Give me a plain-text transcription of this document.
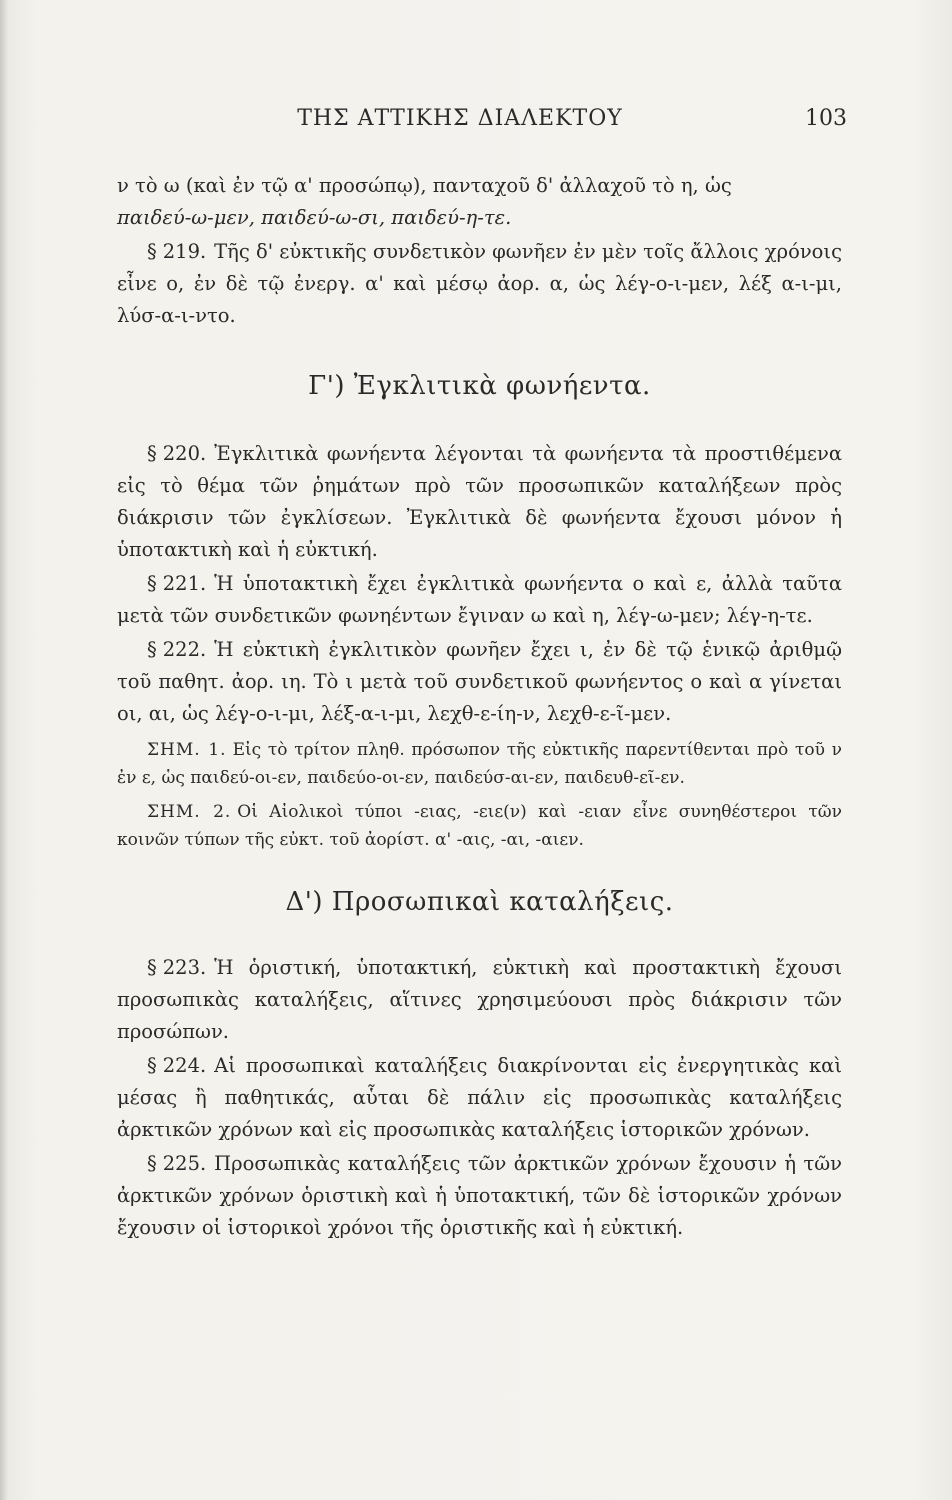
ΤΗΣ ΑΤΤΙΚΗΣ ΔΙΑΛΕΚΤΟΥ	103

ν τὸ ω (καὶ ἐν τῷ α' προσώπῳ), πανταχοῦ δ' ἀλλαχοῦ τὸ η, ὡς
παιδεύ-ω-μεν, παιδεύ-ω-σι, παιδεύ-η-τε.

§ 219. Τῆς δ' εὐκτικῆς συνδετικὸν φωνῆεν ἐν μὲν τοῖς ἄλλοις χρόνοις εἶνε ο, ἐν δὲ τῷ ἐνεργ. α' καὶ μέσῳ ἀορ. α, ὡς λέγ-ο-ι-μεν, λέξ α-ι-μι, λύσ-α-ι-ντο.

Γ') Ἐγκλιτικὰ φωνήεντα.

§ 220. Ἐγκλιτικὰ φωνήεντα λέγονται τὰ φωνήεντα τὰ προστιθέμενα εἰς τὸ θέμα τῶν ῥημάτων πρὸ τῶν προσωπικῶν καταλήξεων πρὸς διάκρισιν τῶν ἐγκλίσεων. Ἐγκλιτικὰ δὲ φωνήεντα ἔχουσι μόνον ἡ ὑποτακτικὴ καὶ ἡ εὐκτική.

§ 221. Ἡ ὑποτακτικὴ ἔχει ἐγκλιτικὰ φωνήεντα ο καὶ ε, ἀλλὰ ταῦτα μετὰ τῶν συνδετικῶν φωνηέντων ἔγιναν ω καὶ η, λέγ-ω-μεν; λέγ-η-τε.

§ 222. Ἡ εὐκτικὴ ἐγκλιτικὸν φωνῆεν ἔχει ι, ἐν δὲ τῷ ἑνικῷ ἀριθμῷ τοῦ παθητ. ἀορ. ιη. Τὸ ι μετὰ τοῦ συνδετικοῦ φωνήεντος ο καὶ α γίνεται οι, αι, ὡς λέγ-ο-ι-μι, λέξ-α-ι-μι, λεχθ-ε-ίη-ν, λεχθ-ε-ῖ-μεν.

ΣΗΜ. 1. Εἰς τὸ τρίτον πληθ. πρόσωπον τῆς εὐκτικῆς παρεντίθενται πρὸ τοῦ ν ἐν ε, ὡς παιδεύ-οι-εν, παιδεύο-οι-εν, παιδεύσ-αι-εν, παιδευθ-εῖ-εν.

ΣΗΜ. 2. Οἱ Αἰολικοὶ τύποι -ειας, -ειε(ν) καὶ -ειαν εἶνε συνηθέστεροι τῶν κοινῶν τύπων τῆς εὐκτ. τοῦ ἀορίστ. α' -αις, -αι, -αιεν.

Δ') Προσωπικαὶ καταλήξεις.

§ 223. Ἡ ὁριστική, ὑποτακτική, εὐκτικὴ καὶ προστακτικὴ ἔχουσι προσωπικὰς καταλήξεις, αἵτινες χρησιμεύουσι πρὸς διάκρισιν τῶν προσώπων.

§ 224. Αἱ προσωπικαὶ καταλήξεις διακρίνονται εἰς ἐνεργητικὰς καὶ μέσας ἢ παθητικάς, αὗται δὲ πάλιν εἰς προσωπικὰς καταλήξεις ἀρκτικῶν χρόνων καὶ εἰς προσωπικὰς καταλήξεις ἱστορικῶν χρόνων.

§ 225. Προσωπικὰς καταλήξεις τῶν ἀρκτικῶν χρόνων ἔχουσιν ἡ τῶν ἀρκτικῶν χρόνων ὁριστικὴ καὶ ἡ ὑποτακτική, τῶν δὲ ἱστορικῶν χρόνων ἔχουσιν οἱ ἱστορικοὶ χρόνοι τῆς ὁριστικῆς καὶ ἡ εὐκτική.
